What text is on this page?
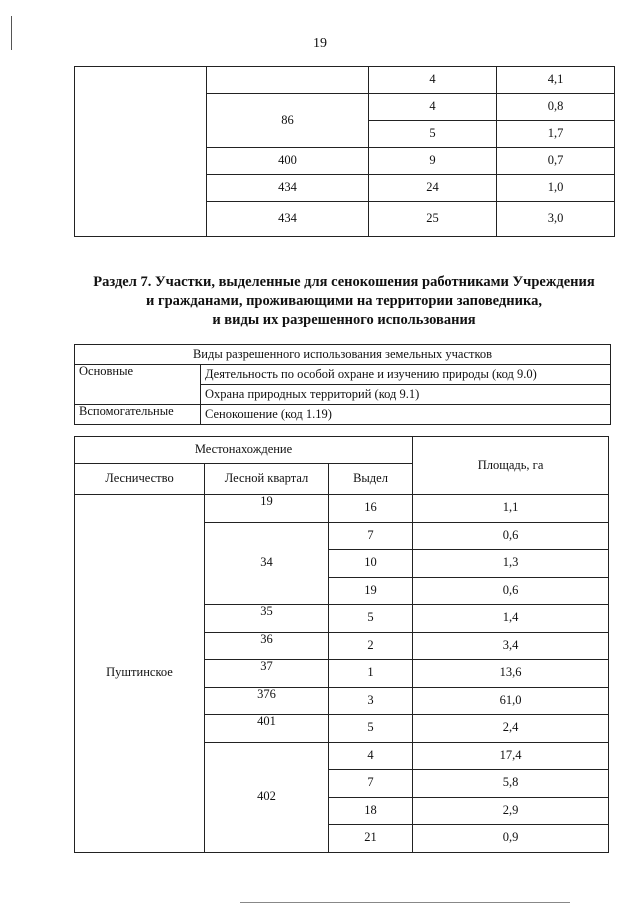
19
		4	4,1
	86	4	0,8
		5	1,7
	400	9	0,7
	434	24	1,0
	434	25	3,0
Раздел 7. Участки, выделенные для сенокошения работниками Учреждения
и гражданами, проживающими на территории заповедника,
и виды их разрешенного использования
Виды разрешенного использования земельных участков	
Основные	Деятельность по особой охране и изучению природы (код 9.0)
	Охрана природных территорий (код 9.1)
Вспомогательные	Сенокошение (код 1.19)
Местонахождение			Площадь, га
Лесничество	Лесной квартал	Выдел	
Пуштинское	19	16	1,1
	34	7	0,6
		10	1,3
		19	0,6
	35	5	1,4
	36	2	3,4
	37	1	13,6
	376	3	61,0
	401	5	2,4
	402	4	17,4
		7	5,8
		18	2,9
		21	0,9
